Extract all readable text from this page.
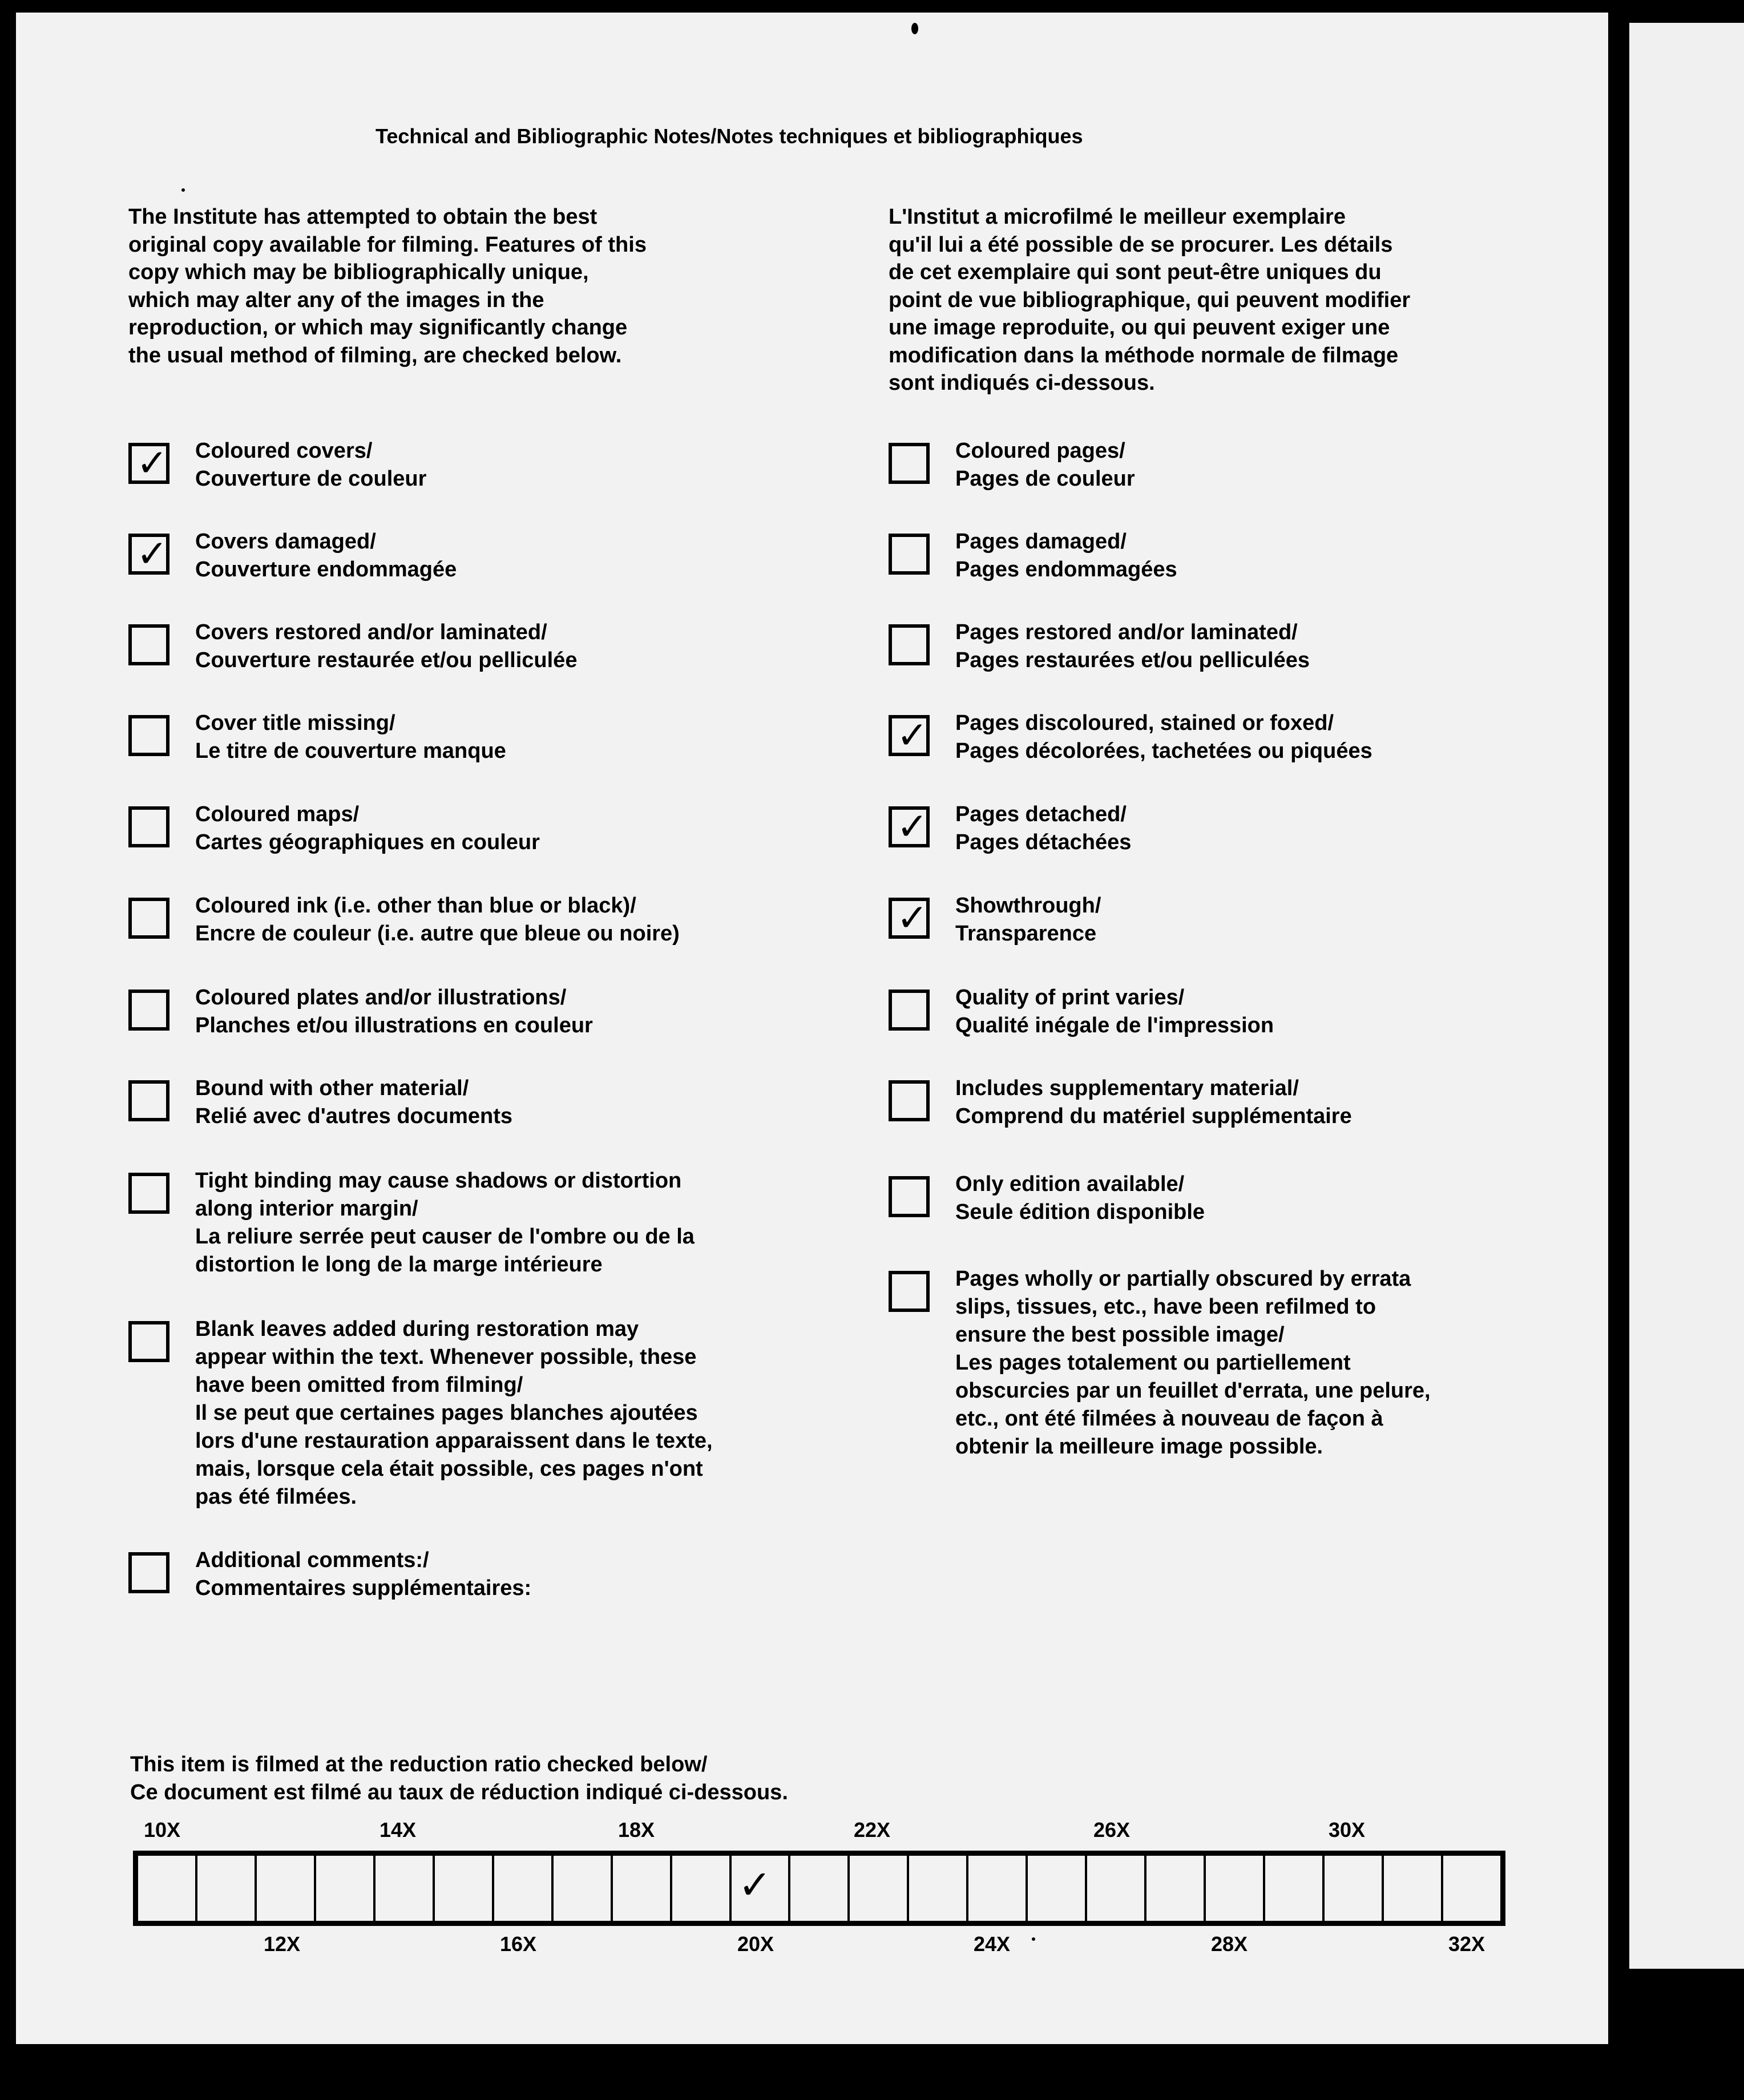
Technical and Bibliographic Notes/Notes techniques et bibliographiques
The Institute has attempted to obtain the best
original copy available for filming. Features of this
copy which may be bibliographically unique,
which may alter any of the images in the
reproduction, or which may significantly change
the usual method of filming, are checked below.
L'Institut a microfilmé le meilleur exemplaire
qu'il lui a été possible de se procurer. Les détails
de cet exemplaire qui sont peut-être uniques du
point de vue bibliographique, qui peuvent modifier
une image reproduite, ou qui peuvent exiger une
modification dans la méthode normale de filmage
sont indiqués ci-dessous.
✓ Coloured covers/
Couverture de couleur
✓ Covers damaged/
Couverture endommagée
Covers restored and/or laminated/
Couverture restaurée et/ou pelliculée
Cover title missing/
Le titre de couverture manque
Coloured maps/
Cartes géographiques en couleur
Coloured ink (i.e. other than blue or black)/
Encre de couleur (i.e. autre que bleue ou noire)
Coloured plates and/or illustrations/
Planches et/ou illustrations en couleur
Bound with other material/
Relié avec d'autres documents
Tight binding may cause shadows or distortion
along interior margin/
La reliure serrée peut causer de l'ombre ou de la
distortion le long de la marge intérieure
Blank leaves added during restoration may
appear within the text. Whenever possible, these
have been omitted from filming/
Il se peut que certaines pages blanches ajoutées
lors d'une restauration apparaissent dans le texte,
mais, lorsque cela était possible, ces pages n'ont
pas été filmées.
Additional comments:/
Commentaires supplémentaires:
Coloured pages/
Pages de couleur
Pages damaged/
Pages endommagées
Pages restored and/or laminated/
Pages restaurées et/ou pelliculées
✓ Pages discoloured, stained or foxed/
Pages décolorées, tachetées ou piquées
✓ Pages detached/
Pages détachées
✓ Showthrough/
Transparence
Quality of print varies/
Qualité inégale de l'impression
Includes supplementary material/
Comprend du matériel supplémentaire
Only edition available/
Seule édition disponible
Pages wholly or partially obscured by errata
slips, tissues, etc., have been refilmed to
ensure the best possible image/
Les pages totalement ou partiellement
obscurcies par un feuillet d'errata, une pelure,
etc., ont été filmées à nouveau de façon à
obtenir la meilleure image possible.
This item is filmed at the reduction ratio checked below/
Ce document est filmé au taux de réduction indiqué ci-dessous.
✓
10X	14X	18X	22X	26X	30X
12X	16X	20X	24X	28X	32X
